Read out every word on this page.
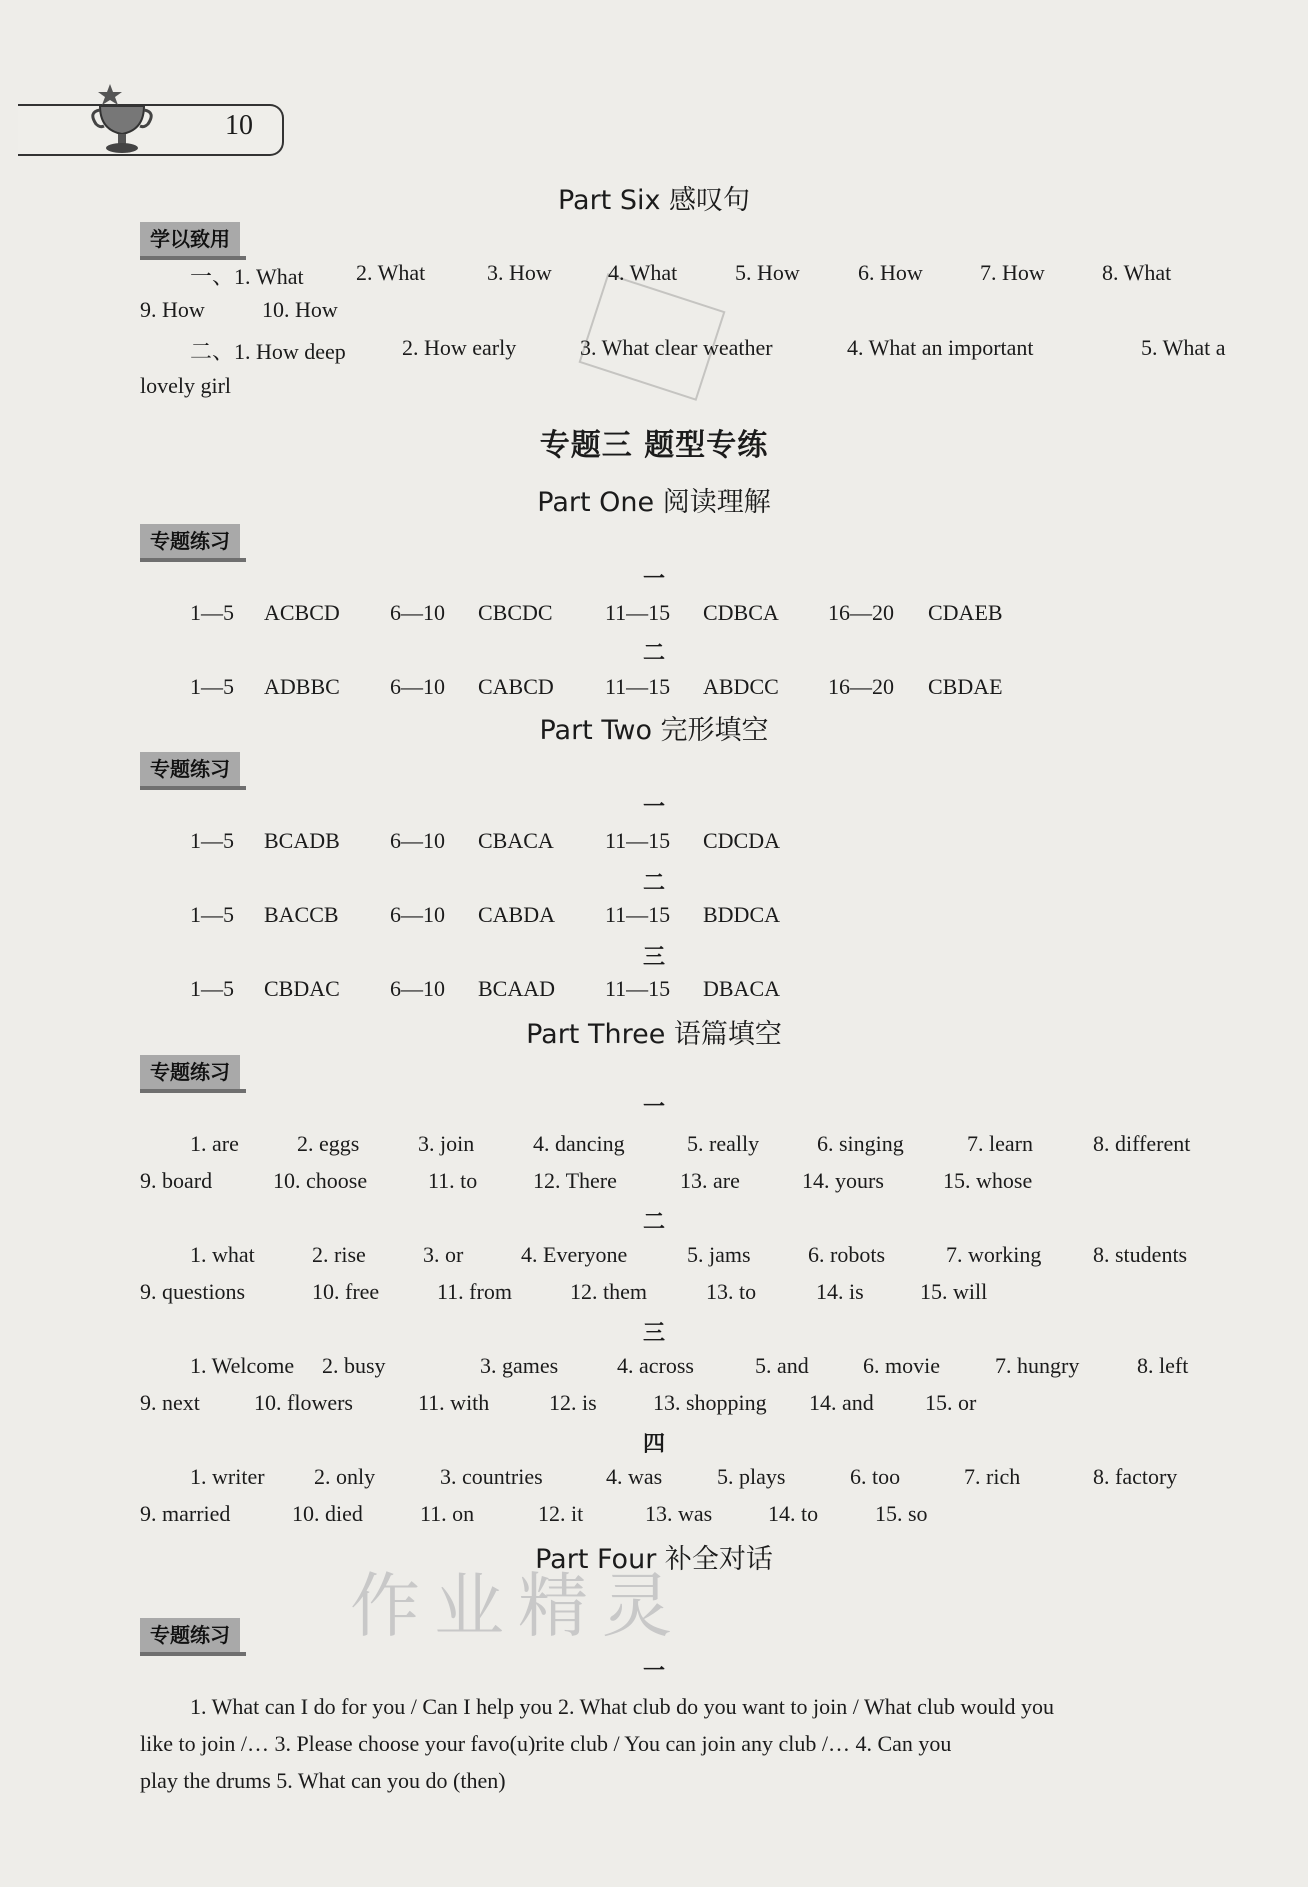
10
作业精灵
Part Six 感叹句
学以致用
一、1. What 2. What	3. How	4. What	5. How	6. How	7. How	8. What
9. How	10. How
二、1. How deep	2. How early	3. What clear weather	4. What an important	5. What a
lovely girl
专题三 题型专练
Part One 阅读理解
专题练习
一
1—5 ACBCD 6—10 CBCDC 11—15 CDBCA 16—20 CDAEB
二
1—5 ADBBC 6—10 CABCD 11—15 ABDCC 16—20 CBDAE
Part Two 完形填空
专题练习
一
1—5 BCADB 6—10 CBACA 11—15 CDCDA
二
1—5 BACCB 6—10 CABDA 11—15 BDDCA
三
1—5 CBDAC 6—10 BCAAD 11—15 DBACA
Part Three 语篇填空
专题练习
一
1. are	2. eggs	3. join	4. dancing	5. really	6. singing	7. learn	8. different
9. board	10. choose	11. to	12. There	13. are	14. yours	15. whose
二
1. what	2. rise	3. or	4. Everyone	5. jams	6. robots	7. working 8. students
9. questions	10. free	11. from	12. them	13. to	14. is	15. will
三
1. Welcome 2. busy	3. games	4. across	5. and 6. movie	7. hungry	8. left
9. next 10. flowers	11. with	12. is	13. shopping 14. and 15. or
四
1. writer 2. only	3. countries	4. was 5. plays	6. too	7. rich	8. factory
9. married	10. died	11. on	12. it	13. was	14. to	15. so
Part Four 补全对话
专题练习
一
1. What can I do for you / Can I help you 2. What club do you want to join / What club would you
like to join /… 3. Please choose your favo(u)rite club / You can join any club /… 4. Can you
play the drums 5. What can you do (then)
